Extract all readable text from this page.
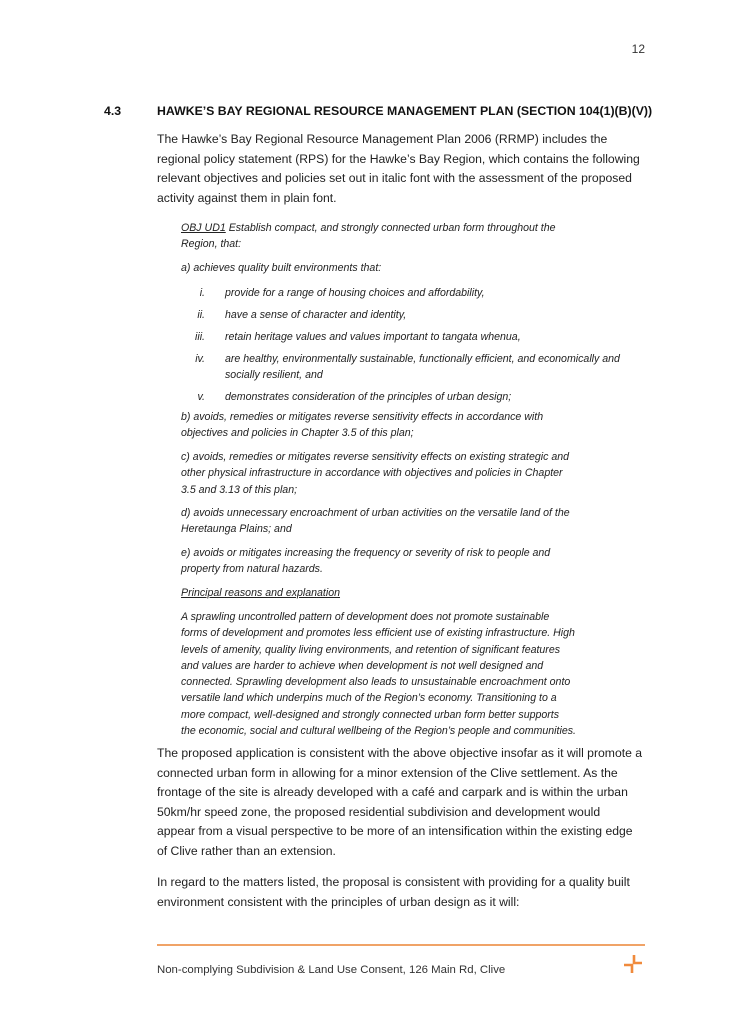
12
4.3	HAWKE’S BAY REGIONAL RESOURCE MANAGEMENT PLAN (SECTION 104(1)(B)(V))
The Hawke’s Bay Regional Resource Management Plan 2006 (RRMP) includes the
regional policy statement (RPS) for the Hawke’s Bay Region, which contains the following
relevant objectives and policies set out in italic font with the assessment of the proposed
activity against them in plain font.

OBJ UD1 Establish compact, and strongly connected urban form throughout the

Region, that:

a) achieves quality built environments that:
i. provide for a range of housing choices and affordability,
ii. have a sense of character and identity,
iii. retain heritage values and values important to tangata whenua,
iv. are healthy, environmentally sustainable, functionally efficient, and economically and
socially resilient, and
v. demonstrates consideration of the principles of urban design;

b) avoids, remedies or mitigates reverse sensitivity effects in accordance with

objectives and policies in Chapter 3.5 of this plan;

c) avoids, remedies or mitigates reverse sensitivity effects on existing strategic and

other physical infrastructure in accordance with objectives and policies in Chapter

3.5 and 3.13 of this plan;

d) avoids unnecessary encroachment of urban activities on the versatile land of the

Heretaunga Plains; and

e) avoids or mitigates increasing the frequency or severity of risk to people and

property from natural hazards.

Principal reasons and explanation

A sprawling uncontrolled pattern of development does not promote sustainable

forms of development and promotes less efficient use of existing infrastructure. High

levels of amenity, quality living environments, and retention of significant features

and values are harder to achieve when development is not well designed and

connected. Sprawling development also leads to unsustainable encroachment onto

versatile land which underpins much of the Region’s economy. Transitioning to a

more compact, well-designed and strongly connected urban form better supports

the economic, social and cultural wellbeing of the Region’s people and communities.

The proposed application is consistent with the above objective insofar as it will promote a
connected urban form in allowing for a minor extension of the Clive settlement. As the
frontage of the site is already developed with a café and carpark and is within the urban
50km/hr speed zone, the proposed residential subdivision and development would
appear from a visual perspective to be more of an intensification within the existing edge
of Clive rather than an extension.
In regard to the matters listed, the proposal is consistent with providing for a quality built
environment consistent with the principles of urban design as it will:
Non-complying Subdivision & Land Use Consent, 126 Main Rd, Clive
